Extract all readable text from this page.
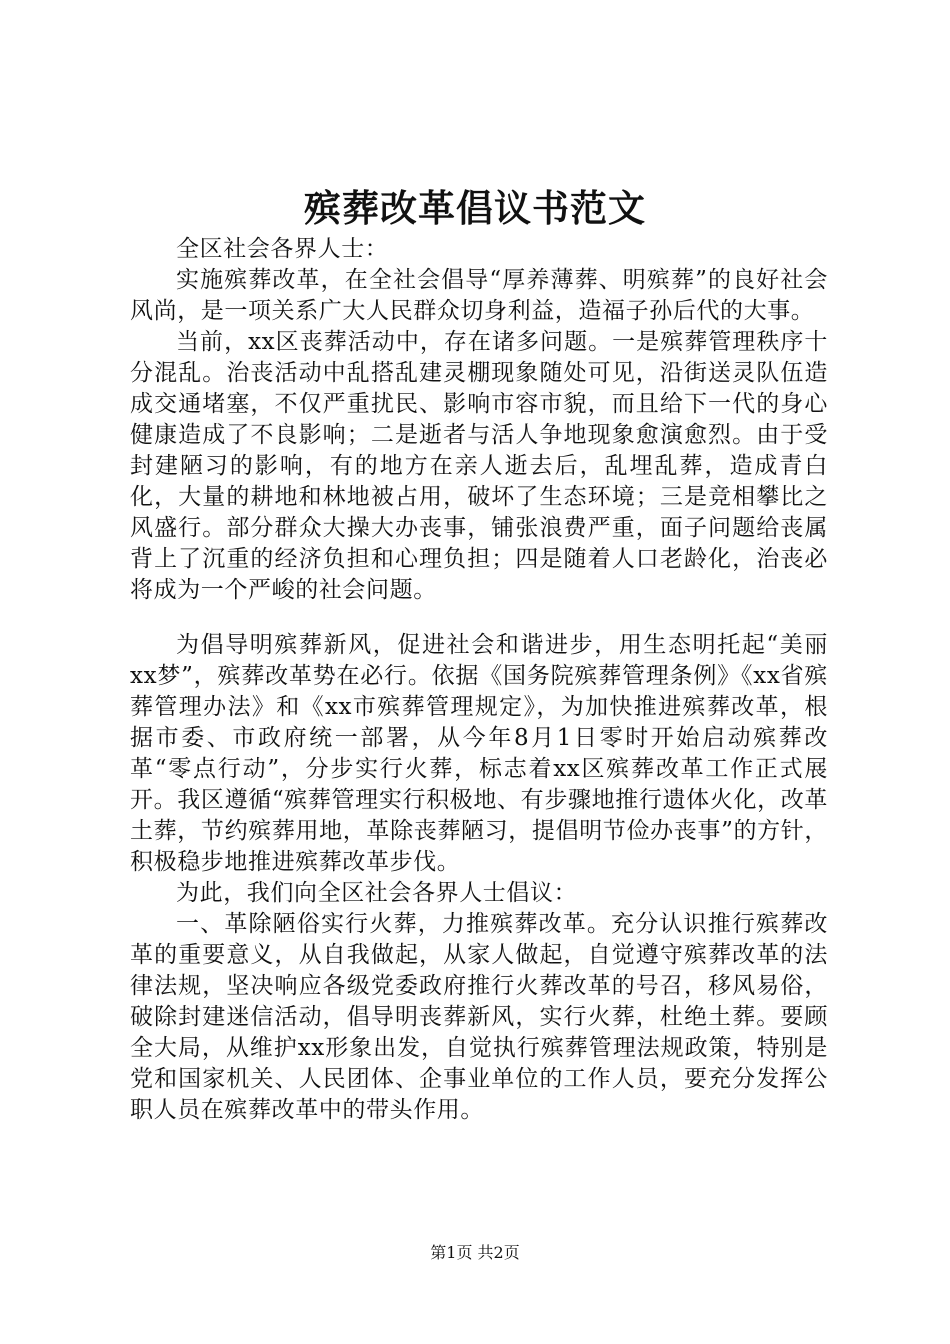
殡葬改革倡议书范文

全区社会各界人士：

实施殡葬改革，在全社会倡导“厚养薄葬、明殡葬”的良好社会风尚，是一项关系广大人民群众切身利益，造福子孙后代的大事。

当前，xx区丧葬活动中，存在诸多问题。一是殡葬管理秩序十分混乱。治丧活动中乱搭乱建灵棚现象随处可见，沿街送灵队伍造成交通堵塞，不仅严重扰民、影响市容市貌，而且给下一代的身心健康造成了不良影响；二是逝者与活人争地现象愈演愈烈。由于受封建陋习的影响，有的地方在亲人逝去后，乱埋乱葬，造成青白化，大量的耕地和林地被占用，破坏了生态环境；三是竞相攀比之风盛行。部分群众大操大办丧事，铺张浪费严重，面子问题给丧属背上了沉重的经济负担和心理负担；四是随着人口老龄化，治丧必将成为一个严峻的社会问题。

为倡导明殡葬新风，促进社会和谐进步，用生态明托起“美丽xx梦”，殡葬改革势在必行。依据《国务院殡葬管理条例》《xx省殡葬管理办法》和《xx市殡葬管理规定》，为加快推进殡葬改革，根据市委、市政府统一部署，从今年8月1日零时开始启动殡葬改革“零点行动”，分步实行火葬，标志着xx区殡葬改革工作正式展开。我区遵循“殡葬管理实行积极地、有步骤地推行遗体火化，改革土葬，节约殡葬用地，革除丧葬陋习，提倡明节俭办丧事”的方针，积极稳步地推进殡葬改革步伐。

为此，我们向全区社会各界人士倡议：

一、革除陋俗实行火葬，力推殡葬改革。充分认识推行殡葬改革的重要意义，从自我做起，从家人做起，自觉遵守殡葬改革的法律法规，坚决响应各级党委政府推行火葬改革的号召，移风易俗，破除封建迷信活动，倡导明丧葬新风，实行火葬，杜绝土葬。要顾全大局，从维护xx形象出发，自觉执行殡葬管理法规政策，特别是党和国家机关、人民团体、企事业单位的工作人员，要充分发挥公职人员在殡葬改革中的带头作用。

第1页 共2页
